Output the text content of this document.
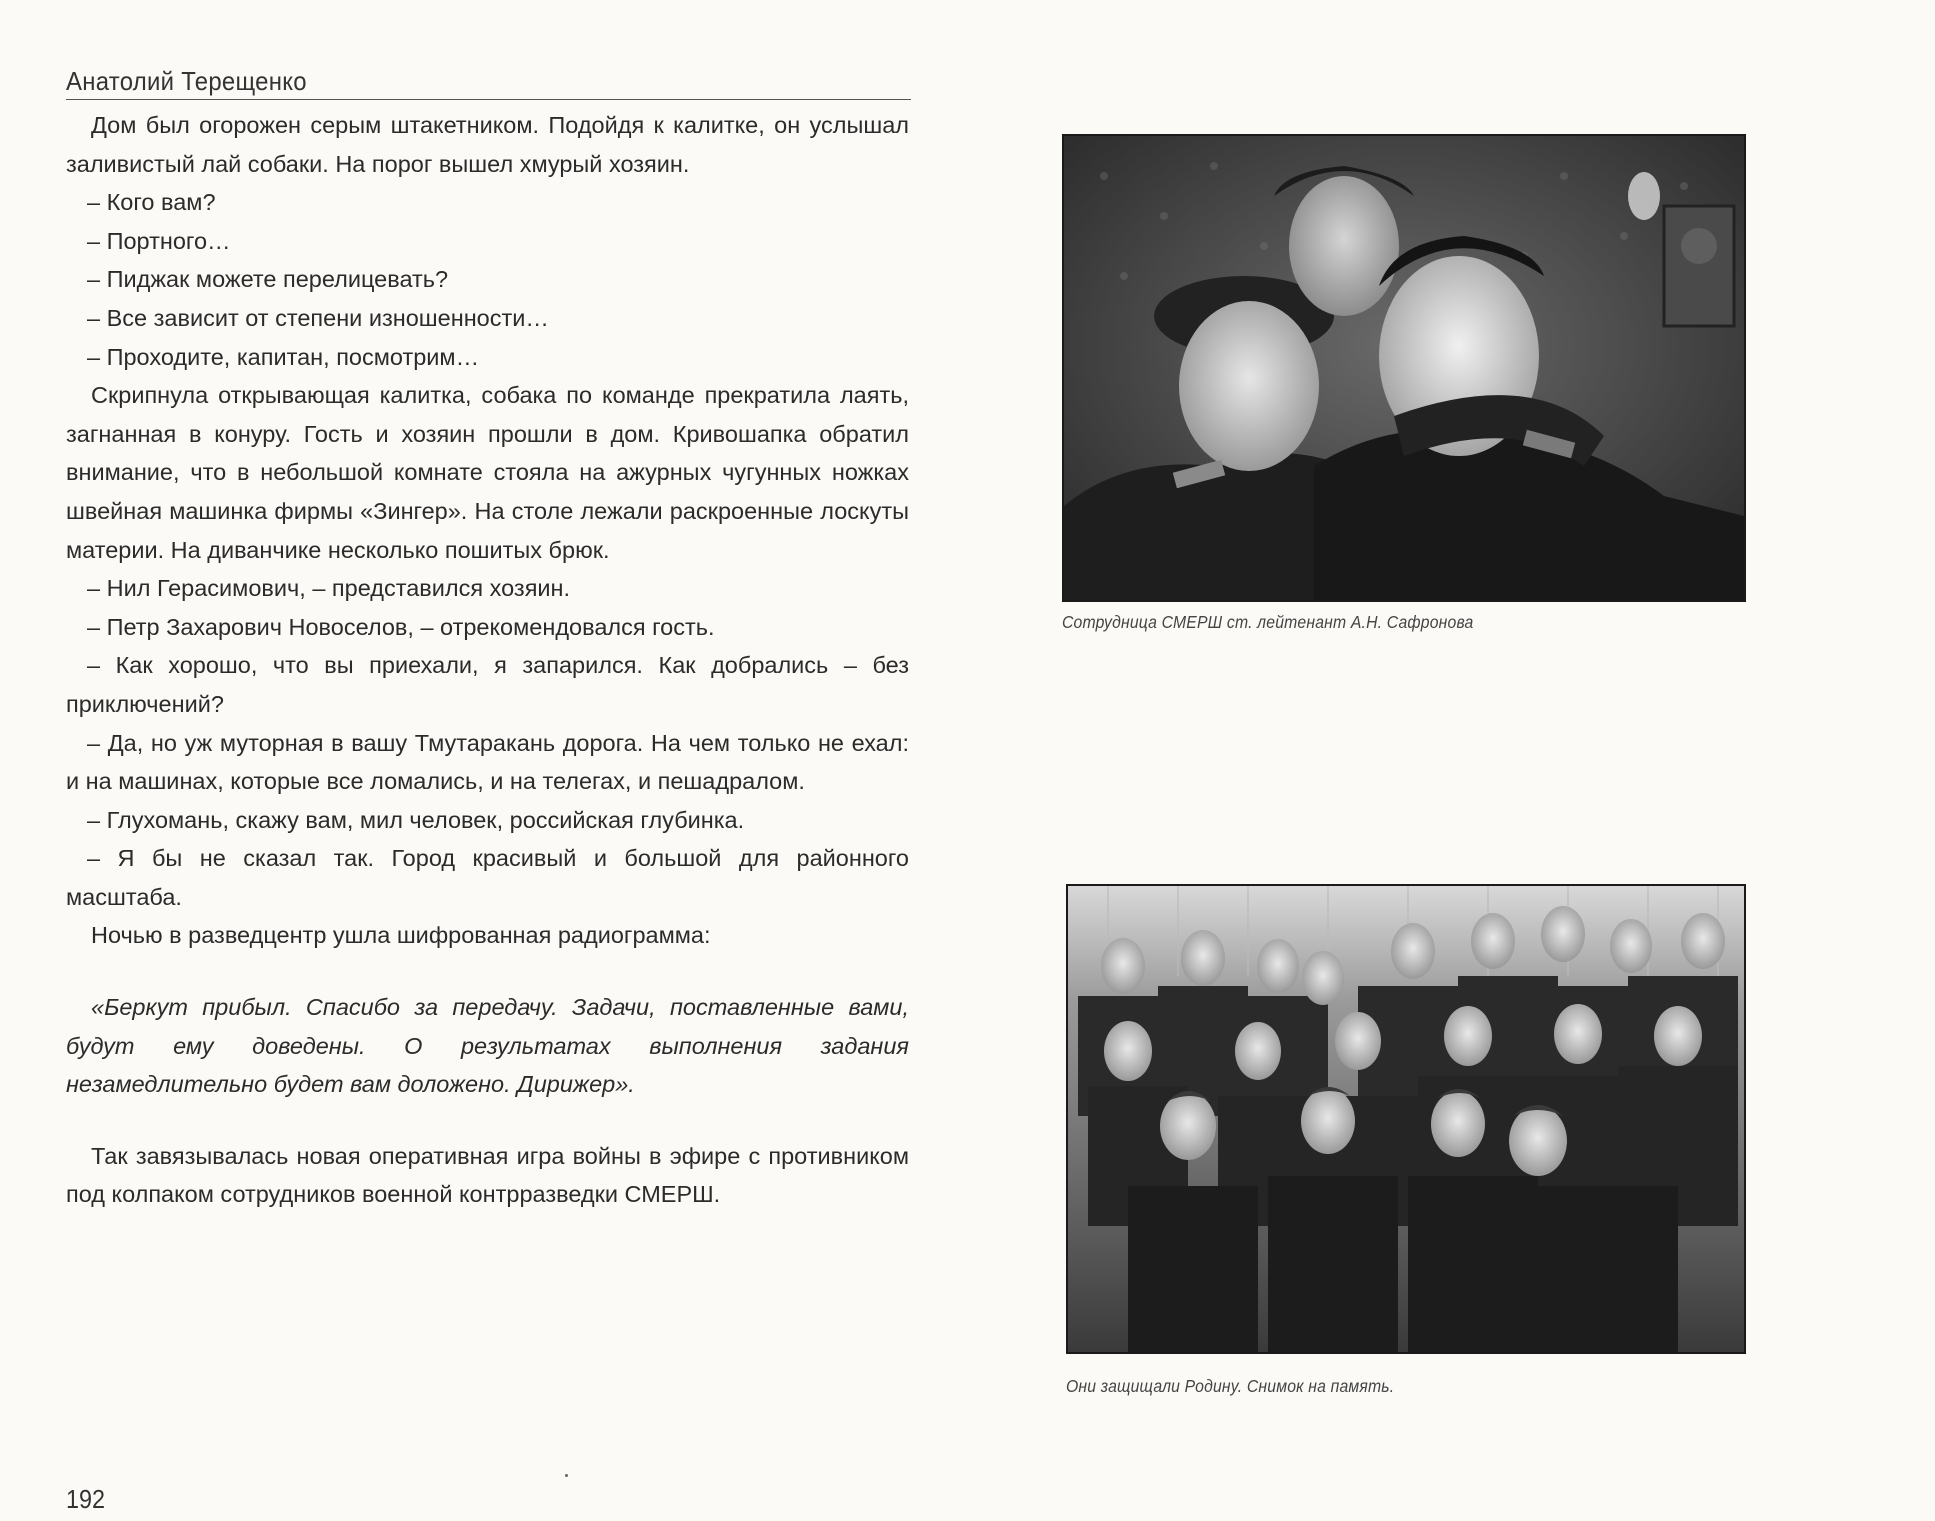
Анатолий Терещенко

Дом был огорожен серым штакетником. Подойдя к калитке, он услышал заливистый лай собаки. На порог вышел хмурый хозяин.

– Кого вам?

– Портного…

– Пиджак можете перелицевать?

– Все зависит от степени изношенности…

– Проходите, капитан, посмотрим…

Скрипнула открывающая калитка, собака по команде прекратила лаять, загнанная в конуру. Гость и хозяин прошли в дом. Кривошапка обратил внимание, что в небольшой комнате стояла на ажурных чугунных ножках швейная машинка фирмы «Зингер». На столе лежали раскроенные лоскуты материи. На диванчике несколько пошитых брюк.

– Нил Герасимович, – представился хозяин.

– Петр Захарович Новоселов, – отрекомендовался гость.

– Как хорошо, что вы приехали, я запарился. Как добрались – без приключений?

– Да, но уж муторная в вашу Тмутаракань дорога. На чем только не ехал: и на машинах, которые все ломались, и на телегах, и пешадралом.

– Глухомань, скажу вам, мил человек, российская глубинка.

– Я бы не сказал так. Город красивый и большой для районного масштаба.

Ночью в разведцентр ушла шифрованная радиограмма:

«Беркут прибыл. Спасибо за передачу. Задачи, поставленные вами, будут ему доведены. О результатах выполнения задания незамедлительно будет вам доложено. Дирижер».

Так завязывалась новая оперативная игра войны в эфире с противником под колпаком сотрудников военной контрразведки СМЕРШ.

Сотрудница СМЕРШ ст. лейтенант А.Н. Сафронова
Они защищали Родину. Снимок на память.
192
